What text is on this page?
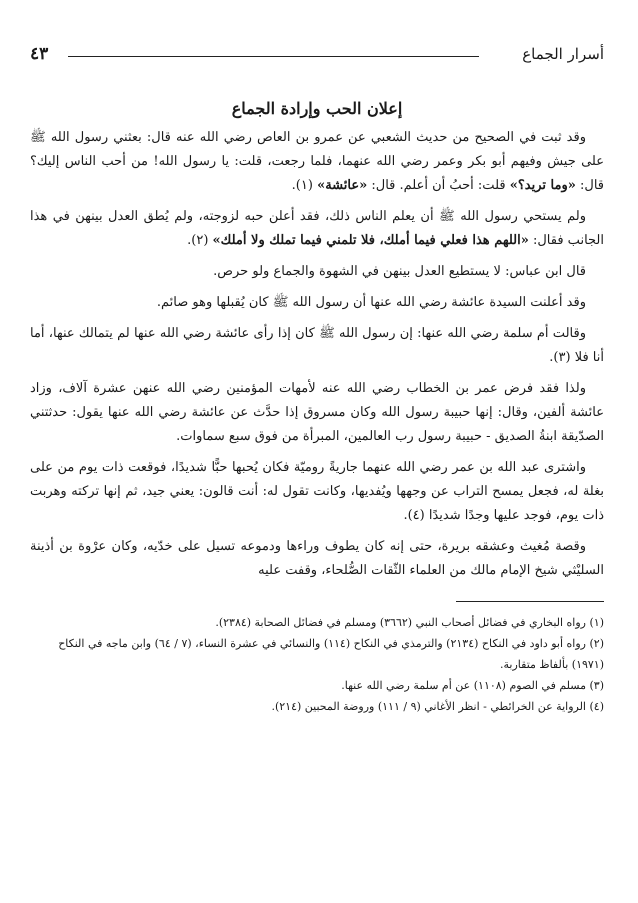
أسرار الجماع
٤٣
إعلان الحب وإرادة الجماع

وقد ثبت في الصحيح من حديث الشعبي عن عمرو بن العاص رضي الله عنه قال: بعثني رسول الله ﷺ على جيش وفيهم أبو بكر وعمر رضي الله عنهما، فلما رجعت، قلت: يا رسول الله! من أحب الناس إليك؟ قال: «وما تريد؟» قلت: أحبُ أن أعلم. قال: «عائشة» (١).

ولم يستحي رسول الله ﷺ أن يعلم الناس ذلك، فقد أعلن حبه لزوجته، ولم يُطق العدل بينهن في هذا الجانب فقال: «اللهم هذا فعلي فيما أملك، فلا تلمني فيما تملك ولا أملك» (٢).

قال ابن عباس: لا يستطيع العدل بينهن في الشهوة والجماع ولو حرص.

وقد أعلنت السيدة عائشة رضي الله عنها أن رسول الله ﷺ كان يُقبلها وهو صائم.

وقالت أم سلمة رضي الله عنها: إن رسول الله ﷺ كان إذا رأى عائشة رضي الله عنها لم يتمالك عنها، أما أنا فلا (٣).

ولذا فقد فرض عمر بن الخطاب رضي الله عنه لأمهات المؤمنين رضي الله عنهن عشرة آلاف، وزاد عائشة ألفين، وقال: إنها حبيبة رسول الله وكان مسروق إذا حدَّث عن عائشة رضي الله عنها يقول: حدثتني الصدّيقة ابنةُ الصديق - حبيبة رسول رب العالمين، المبرأة من فوق سبع سماوات.

واشترى عبد الله بن عمر رضي الله عنهما جاريةً روميّة فكان يُحبها حبًّا شديدًا، فوقعت ذات يوم من على بغلة له، فجعل يمسح التراب عن وجهها ويُفديها، وكانت تقول له: أنت قالون: يعني جيد، ثم إنها تركته وهربت ذات يوم، فوجد عليها وجدًا شديدًا (٤).

وقصة مُغيث وعشقه بريرة، حتى إنه كان يطوف وراءها ودموعه تسيل على خدّيه، وكان عرْوة بن أذينة السليْثي شيخ الإمام مالك من العلماء الثّقات الصُّلحاء، وقفت عليه

(١) رواه البخاري في فضائل أصحاب النبي (٣٦٦٢) ومسلم في فضائل الصحابة (٢٣٨٤).
(٢) رواه أبو داود في النكاح (٢١٣٤) والترمذي في النكاح (١١٤) والنسائي في عشرة النساء، (٧ / ٦٤) وابن ماجه في النكاح (١٩٧١) بألفاظ متقاربة.
(٣) مسلم في الصوم (١١٠٨) عن أم سلمة رضي الله عنها.
(٤) الرواية عن الخرائطي - انظر الأغاني (٩ / ١١١) وروضة المحبين (٢١٤).
